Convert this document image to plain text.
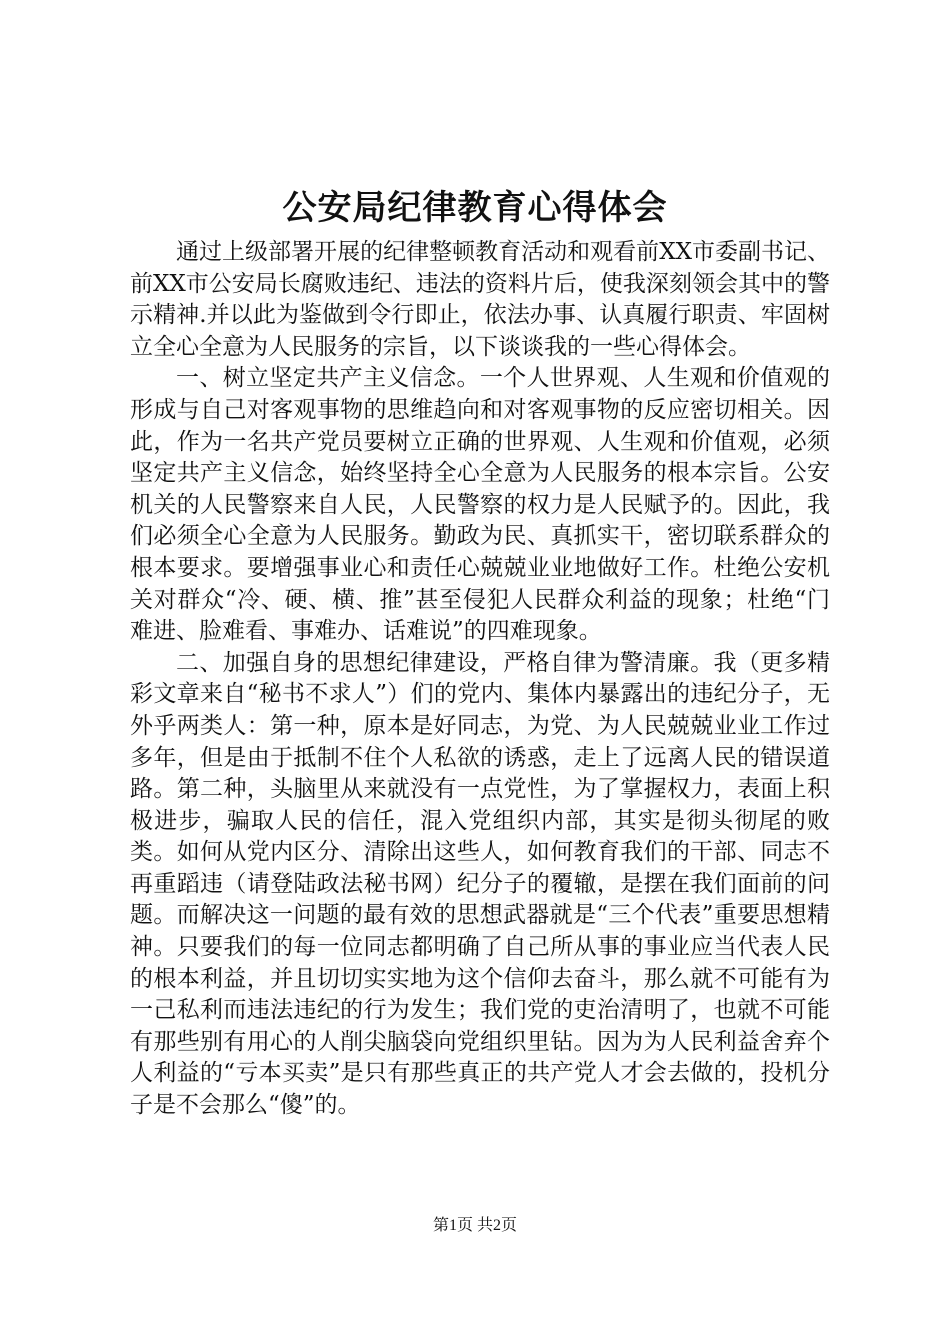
公安局纪律教育心得体会

通过上级部署开展的纪律整顿教育活动和观看前XX市委副书记、前XX市公安局长腐败违纪、违法的资料片后，使我深刻领会其中的警示精神.并以此为鉴做到令行即止，依法办事、认真履行职责、牢固树立全心全意为人民服务的宗旨，以下谈谈我的一些心得体会。

一、树立坚定共产主义信念。一个人世界观、人生观和价值观的形成与自己对客观事物的思维趋向和对客观事物的反应密切相关。因此，作为一名共产党员要树立正确的世界观、人生观和价值观，必须坚定共产主义信念，始终坚持全心全意为人民服务的根本宗旨。公安机关的人民警察来自人民，人民警察的权力是人民赋予的。因此，我们必须全心全意为人民服务。勤政为民、真抓实干，密切联系群众的根本要求。要增强事业心和责任心兢兢业业地做好工作。杜绝公安机关对群众“冷、硬、横、推”甚至侵犯人民群众利益的现象；杜绝“门难进、脸难看、事难办、话难说”的四难现象。

二、加强自身的思想纪律建设，严格自律为警清廉。我（更多精彩文章来自“秘书不求人”）们的党内、集体内暴露出的违纪分子，无外乎两类人：第一种，原本是好同志，为党、为人民兢兢业业工作过多年，但是由于抵制不住个人私欲的诱惑，走上了远离人民的错误道路。第二种，头脑里从来就没有一点党性，为了掌握权力，表面上积极进步，骗取人民的信任，混入党组织内部，其实是彻头彻尾的败类。如何从党内区分、清除出这些人，如何教育我们的干部、同志不再重蹈违（请登陆政法秘书网）纪分子的覆辙，是摆在我们面前的问题。而解决这一问题的最有效的思想武器就是“三个代表”重要思想精神。只要我们的每一位同志都明确了自己所从事的事业应当代表人民的根本利益，并且切切实实地为这个信仰去奋斗，那么就不可能有为一己私利而违法违纪的行为发生；我们党的吏治清明了，也就不可能有那些别有用心的人削尖脑袋向党组织里钻。因为为人民利益舍弃个人利益的“亏本买卖”是只有那些真正的共产党人才会去做的，投机分子是不会那么“傻”的。

第1页 共2页
